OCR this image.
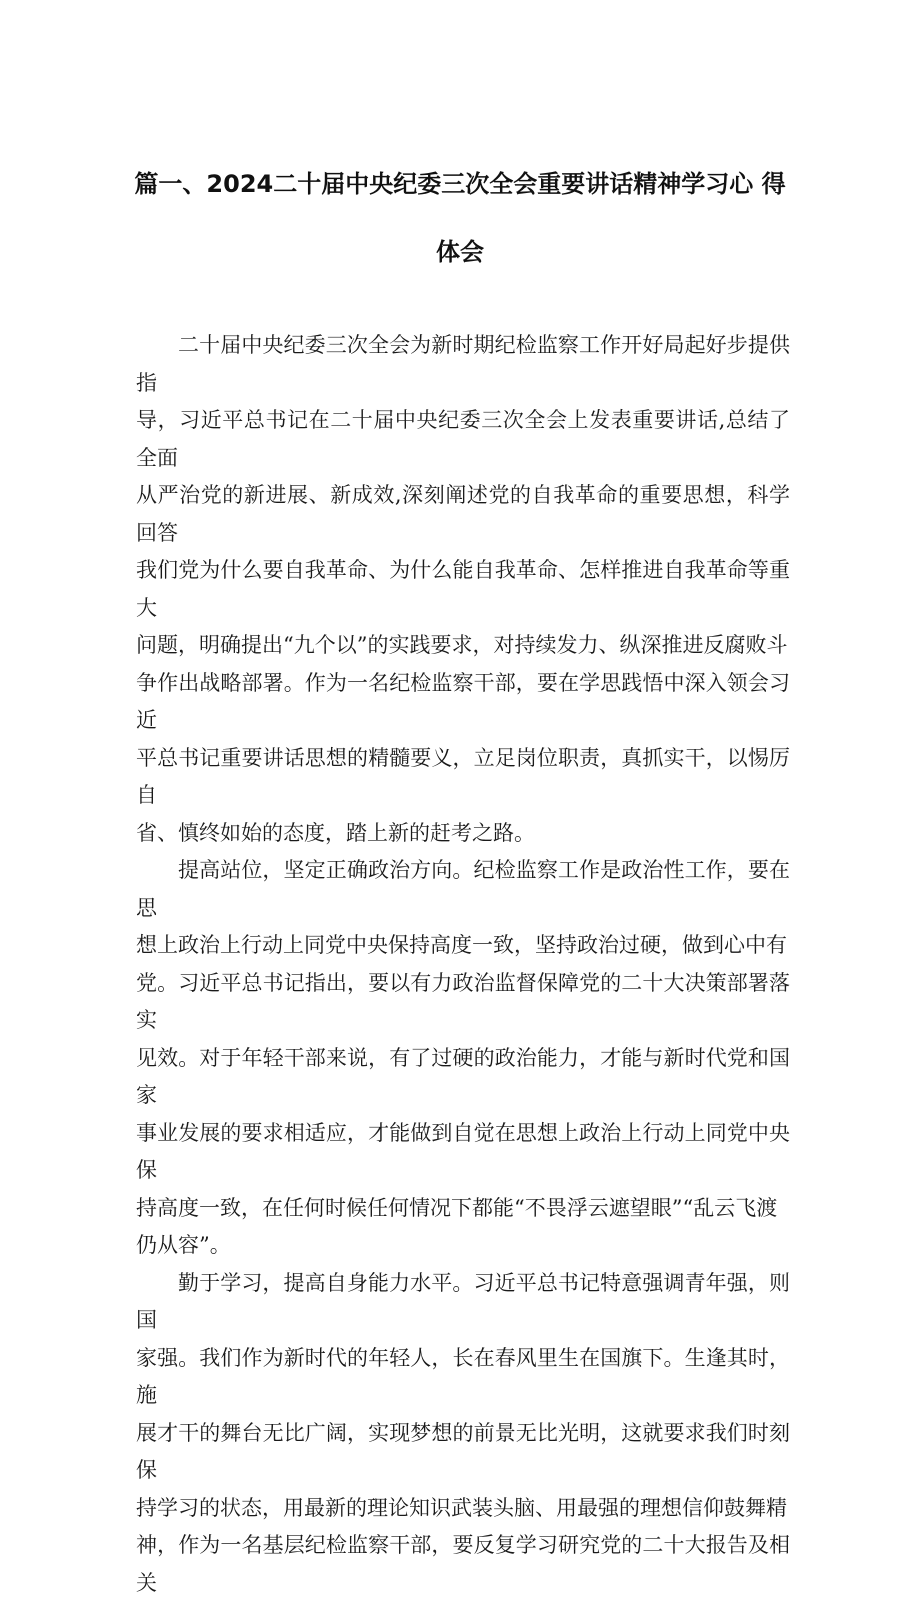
篇一、2024二十届中央纪委三次全会重要讲话精神学习心 得体会

二十届中央纪委三次全会为新时期纪检监察工作开好局起好步提供指
导，习近平总书记在二十届中央纪委三次全会上发表重要讲话,总结了全面
从严治党的新进展、新成效,深刻阐述党的自我革命的重要思想，科学回答
我们党为什么要自我革命、为什么能自我革命、怎样推进自我革命等重大
问题，明确提出“九个以”的实践要求，对持续发力、纵深推进反腐败斗
争作出战略部署。作为一名纪检监察干部，要在学思践悟中深入领会习近
平总书记重要讲话思想的精髓要义，立足岗位职责，真抓实干，以惕厉自
省、慎终如始的态度，踏上新的赶考之路。

提高站位，坚定正确政治方向。纪检监察工作是政治性工作，要在思
想上政治上行动上同党中央保持高度一致，坚持政治过硬，做到心中有
党。习近平总书记指出，要以有力政治监督保障党的二十大决策部署落实
见效。对于年轻干部来说，有了过硬的政治能力，才能与新时代党和国家
事业发展的要求相适应，才能做到自觉在思想上政治上行动上同党中央保
持高度一致，在任何时候任何情况下都能“不畏浮云遮望眼”“乱云飞渡
仍从容”。

勤于学习，提高自身能力水平。习近平总书记特意强调青年强，则国
家强。我们作为新时代的年轻人，长在春风里生在国旗下。生逢其时，施
展才干的舞台无比广阔，实现梦想的前景无比光明，这就要求我们时刻保
持学习的状态，用最新的理论知识武装头脑、用最强的理想信仰鼓舞精
神，作为一名基层纪检监察干部，要反复学习研究党的二十大报告及相关
